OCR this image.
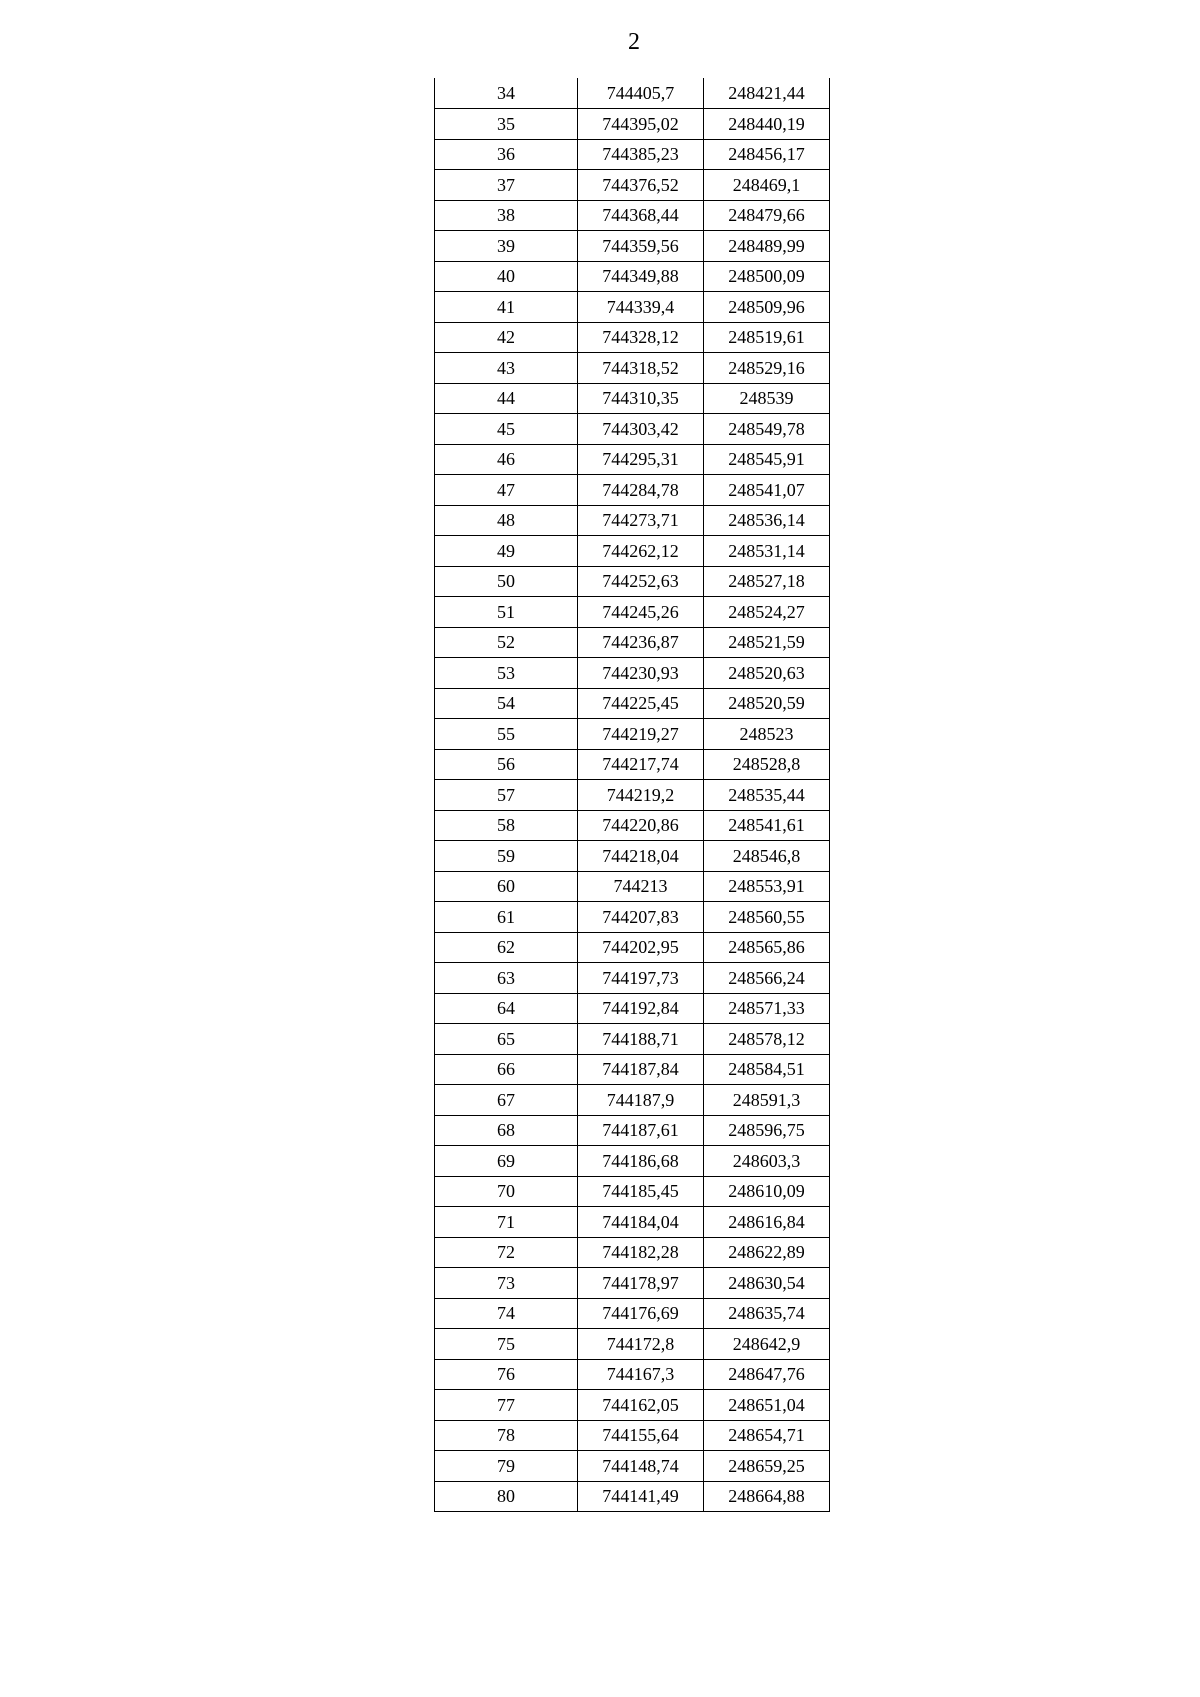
2
34	744405,7	248421,44
35	744395,02	248440,19
36	744385,23	248456,17
37	744376,52	248469,1
38	744368,44	248479,66
39	744359,56	248489,99
40	744349,88	248500,09
41	744339,4	248509,96
42	744328,12	248519,61
43	744318,52	248529,16
44	744310,35	248539
45	744303,42	248549,78
46	744295,31	248545,91
47	744284,78	248541,07
48	744273,71	248536,14
49	744262,12	248531,14
50	744252,63	248527,18
51	744245,26	248524,27
52	744236,87	248521,59
53	744230,93	248520,63
54	744225,45	248520,59
55	744219,27	248523
56	744217,74	248528,8
57	744219,2	248535,44
58	744220,86	248541,61
59	744218,04	248546,8
60	744213	248553,91
61	744207,83	248560,55
62	744202,95	248565,86
63	744197,73	248566,24
64	744192,84	248571,33
65	744188,71	248578,12
66	744187,84	248584,51
67	744187,9	248591,3
68	744187,61	248596,75
69	744186,68	248603,3
70	744185,45	248610,09
71	744184,04	248616,84
72	744182,28	248622,89
73	744178,97	248630,54
74	744176,69	248635,74
75	744172,8	248642,9
76	744167,3	248647,76
77	744162,05	248651,04
78	744155,64	248654,71
79	744148,74	248659,25
80	744141,49	248664,88
